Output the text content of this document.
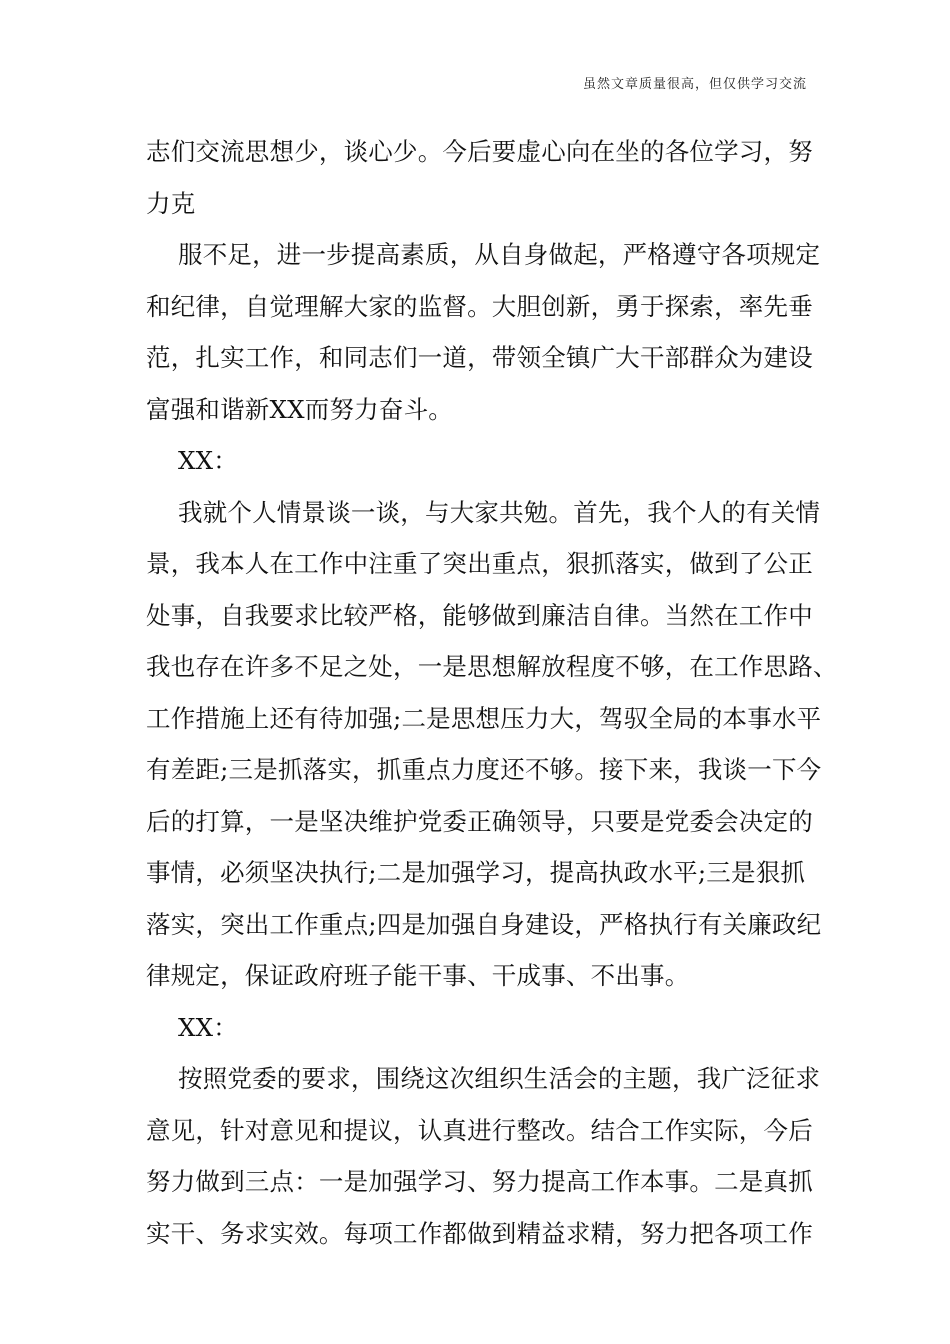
虽然文章质量很高，但仅供学习交流
志们交流思想少，谈心少。今后要虚心向在坐的各位学习，努
力克
服不足，进一步提高素质，从自身做起，严格遵守各项规定
和纪律，自觉理解大家的监督。大胆创新，勇于探索，率先垂
范，扎实工作，和同志们一道，带领全镇广大干部群众为建设
富强和谐新XX而努力奋斗。
XX：
我就个人情景谈一谈，与大家共勉。首先，我个人的有关情
景，我本人在工作中注重了突出重点，狠抓落实，做到了公正
处事，自我要求比较严格，能够做到廉洁自律。当然在工作中
我也存在许多不足之处，一是思想解放程度不够，在工作思路、
工作措施上还有待加强;二是思想压力大，驾驭全局的本事水平
有差距;三是抓落实，抓重点力度还不够。接下来，我谈一下今
后的打算，一是坚决维护党委正确领导，只要是党委会决定的
事情，必须坚决执行;二是加强学习，提高执政水平;三是狠抓
落实，突出工作重点;四是加强自身建设，严格执行有关廉政纪
律规定，保证政府班子能干事、干成事、不出事。
XX：
按照党委的要求，围绕这次组织生活会的主题，我广泛征求
意见，针对意见和提议，认真进行整改。结合工作实际，今后
努力做到三点：一是加强学习、努力提高工作本事。二是真抓
实干、务求实效。每项工作都做到精益求精，努力把各项工作
